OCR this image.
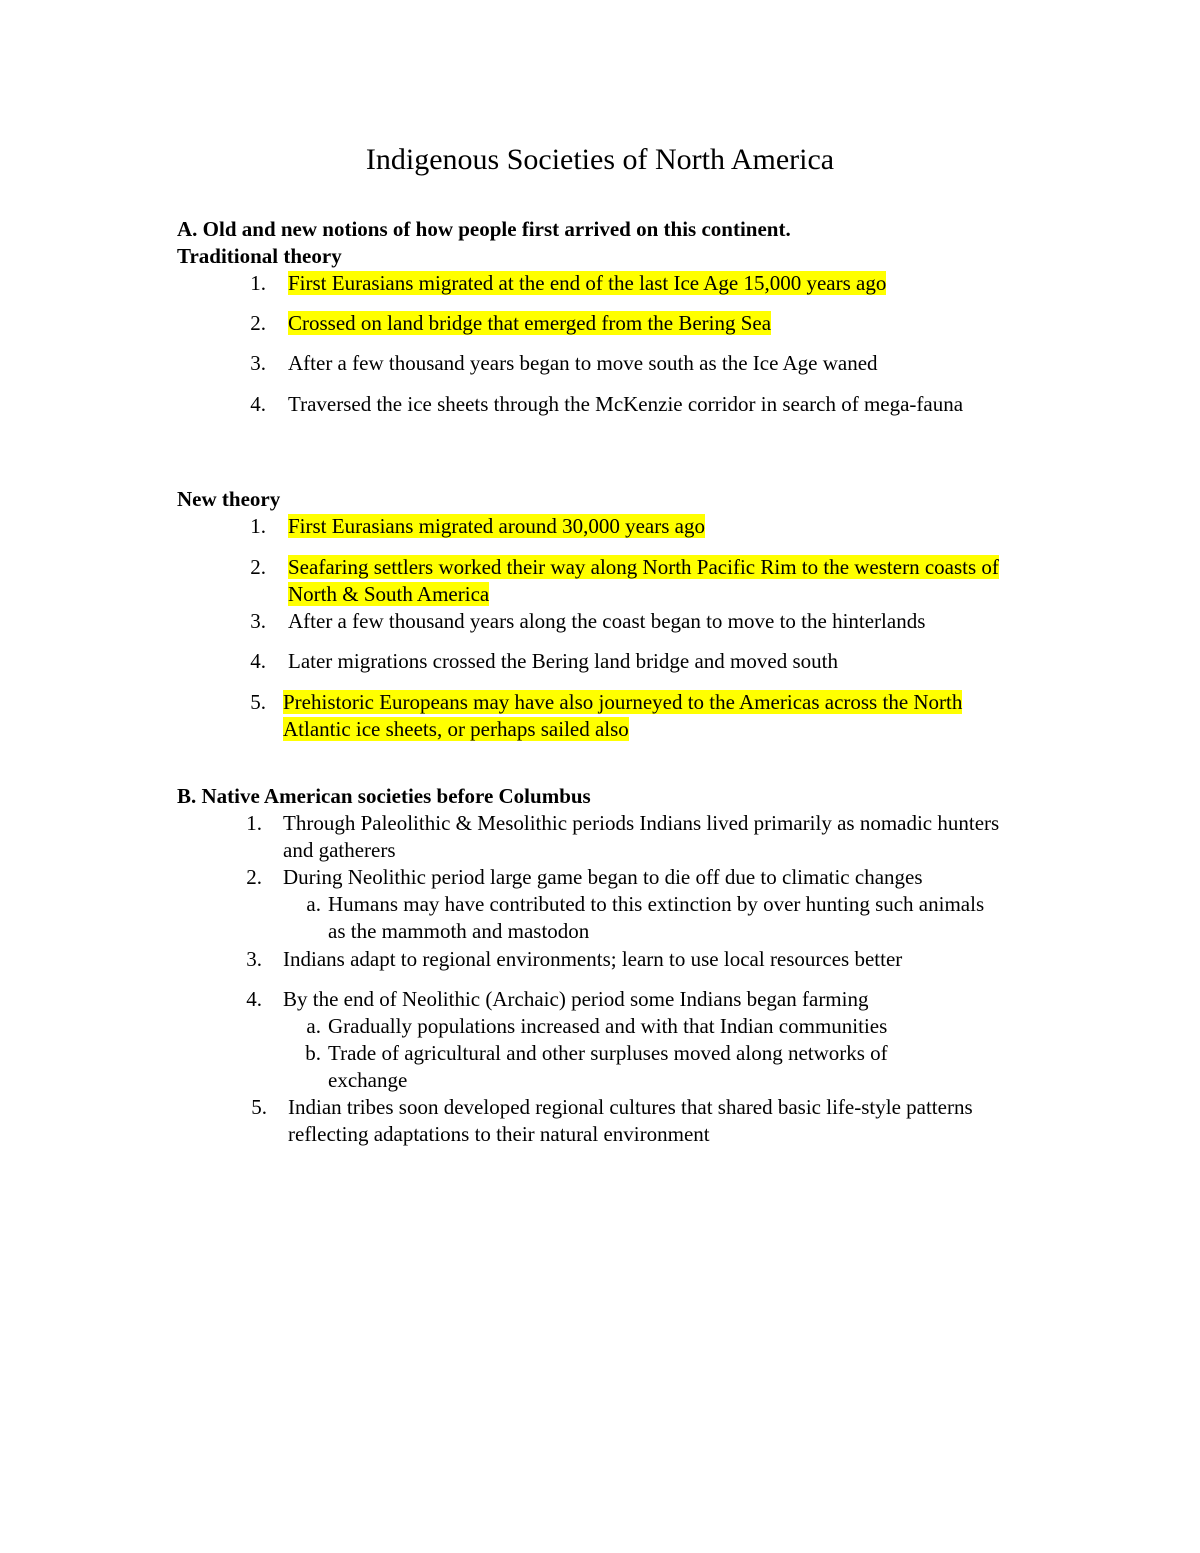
Indigenous Societies of North America
A. Old and new notions of how people first arrived on this continent.
Traditional theory
1. First Eurasians migrated at the end of the last Ice Age 15,000 years ago
2. Crossed on land bridge that emerged from the Bering Sea
3. After a few thousand years began to move south as the Ice Age waned
4. Traversed the ice sheets through the McKenzie corridor in search of mega-fauna
New theory
1. First Eurasians migrated around 30,000 years ago
2. Seafaring settlers worked their way along North Pacific Rim to the western coasts of North & South America
3. After a few thousand years along the coast began to move to the hinterlands
4. Later migrations crossed the Bering land bridge and moved south
5. Prehistoric Europeans may have also journeyed to the Americas across the North Atlantic ice sheets, or perhaps sailed also
B. Native American societies before Columbus
1. Through Paleolithic & Mesolithic periods Indians lived primarily as nomadic hunters and gatherers
2. During Neolithic period large game began to die off due to climatic changes
a. Humans may have contributed to this extinction by over hunting such animals as the mammoth and mastodon
3. Indians adapt to regional environments; learn to use local resources better
4. By the end of Neolithic (Archaic) period some Indians began farming
a. Gradually populations increased and with that Indian communities
b. Trade of agricultural and other surpluses moved along networks of exchange
5. Indian tribes soon developed regional cultures that shared basic life-style patterns reflecting adaptations to their natural environment
